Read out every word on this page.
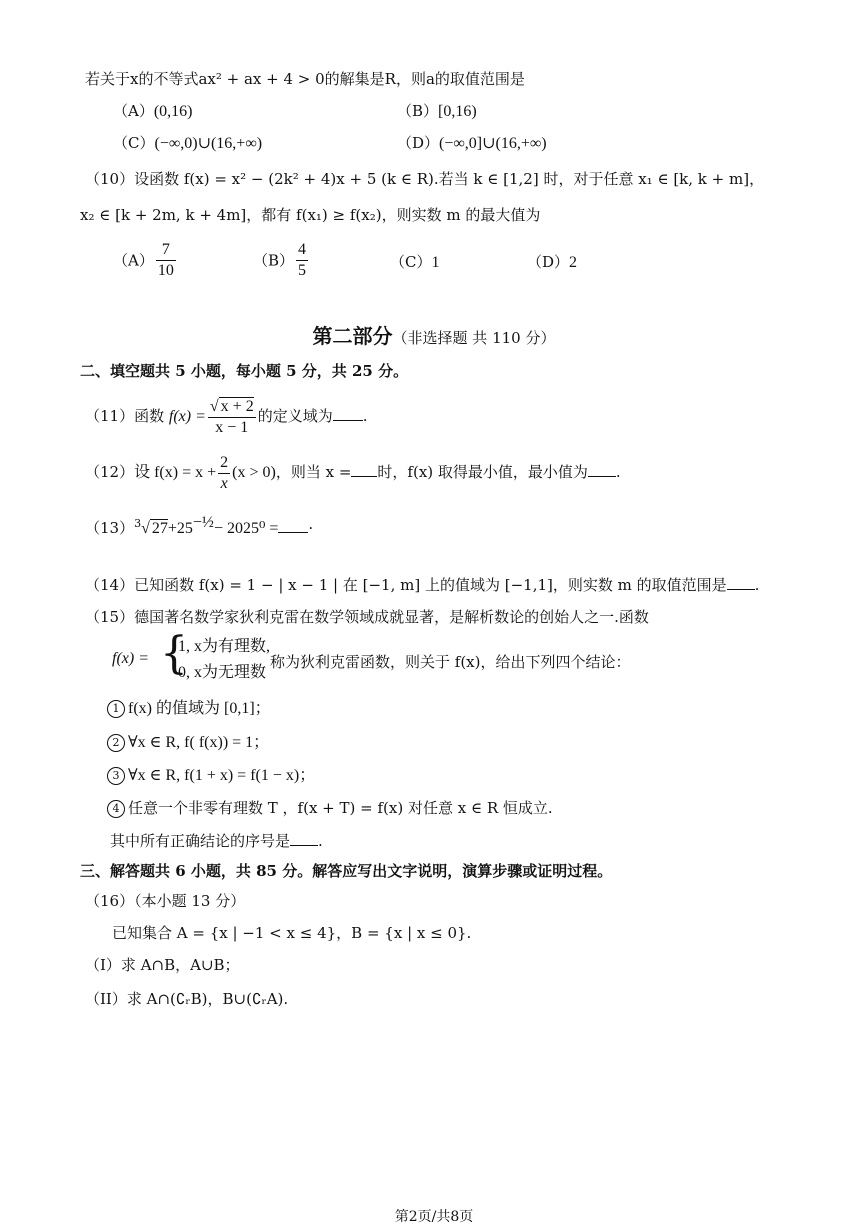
若关于x的不等式ax² + ax + 4 > 0的解集是R，则a的取值范围是
（A）(0,16)	（B）[0,16)
（C）(−∞,0)∪(16,+∞)	（D）(−∞,0]∪(16,+∞)
（10）设函数 f(x) = x² − (2k² + 4)x + 5 (k ∈ R).若当 k ∈ [1,2] 时，对于任意 x₁ ∈ [k, k + m]，
x₂ ∈ [k + 2m, k + 4m]，都有 f(x₁) ≥ f(x₂)，则实数 m 的最大值为
$(A) \frac{7}{10}$	$(B) \frac{4}{5}$	（C）1	（D）2
第二部分（非选择题 共 110 分）
二、填空题共 5 小题，每小题 5 分，共 25 分。
（11）函数 $f(x) = \frac{√ x + 2}{x - 1}$ 的定义域为 .
（12）设 $f(x) = x + \frac{2}{x} (x > 0)$，则当 x = 时，f(x) 取得最小值，最小值为 .
$(13)^3√$ $27+25^{-\frac{1}{2}}- 2025^0$ = ·
（14）已知函数 f(x) = 1 − | x − 1 | 在 [−1, m] 上的值域为 [−1,1]，则实数 m 的取值范围是 .
（15）德国著名数学家狄利克雷在数学领域成就显著，是解析数论的创始人之一.函数
f(x) = {
1, x为有理数,
0, x为无理数
称为狄利克雷函数，则关于 f(x)，给出下列四个结论：
1 f(x) 的值域为 [0,1]；
2 ∀x ∈ R, f( f(x)) = 1；
3 ∀x ∈ R, f(1 + x) = f(1 − x)；
4 任意一个非零有理数 T ，f(x + T) = f(x) 对任意 x ∈ R 恒成立.
其中所有正确结论的序号是 .
三、解答题共 6 小题，共 85 分。解答应写出文字说明，演算步骤或证明过程。
（16）（本小题 13 分）
已知集合 A = {x | −1 < x ≤ 4}，B = {x | x ≤ 0}.
（I）求 A∩B，A∪B；
（II）求 A∩(∁ᵣB)，B∪(∁ᵣA).
第2页/共8页
